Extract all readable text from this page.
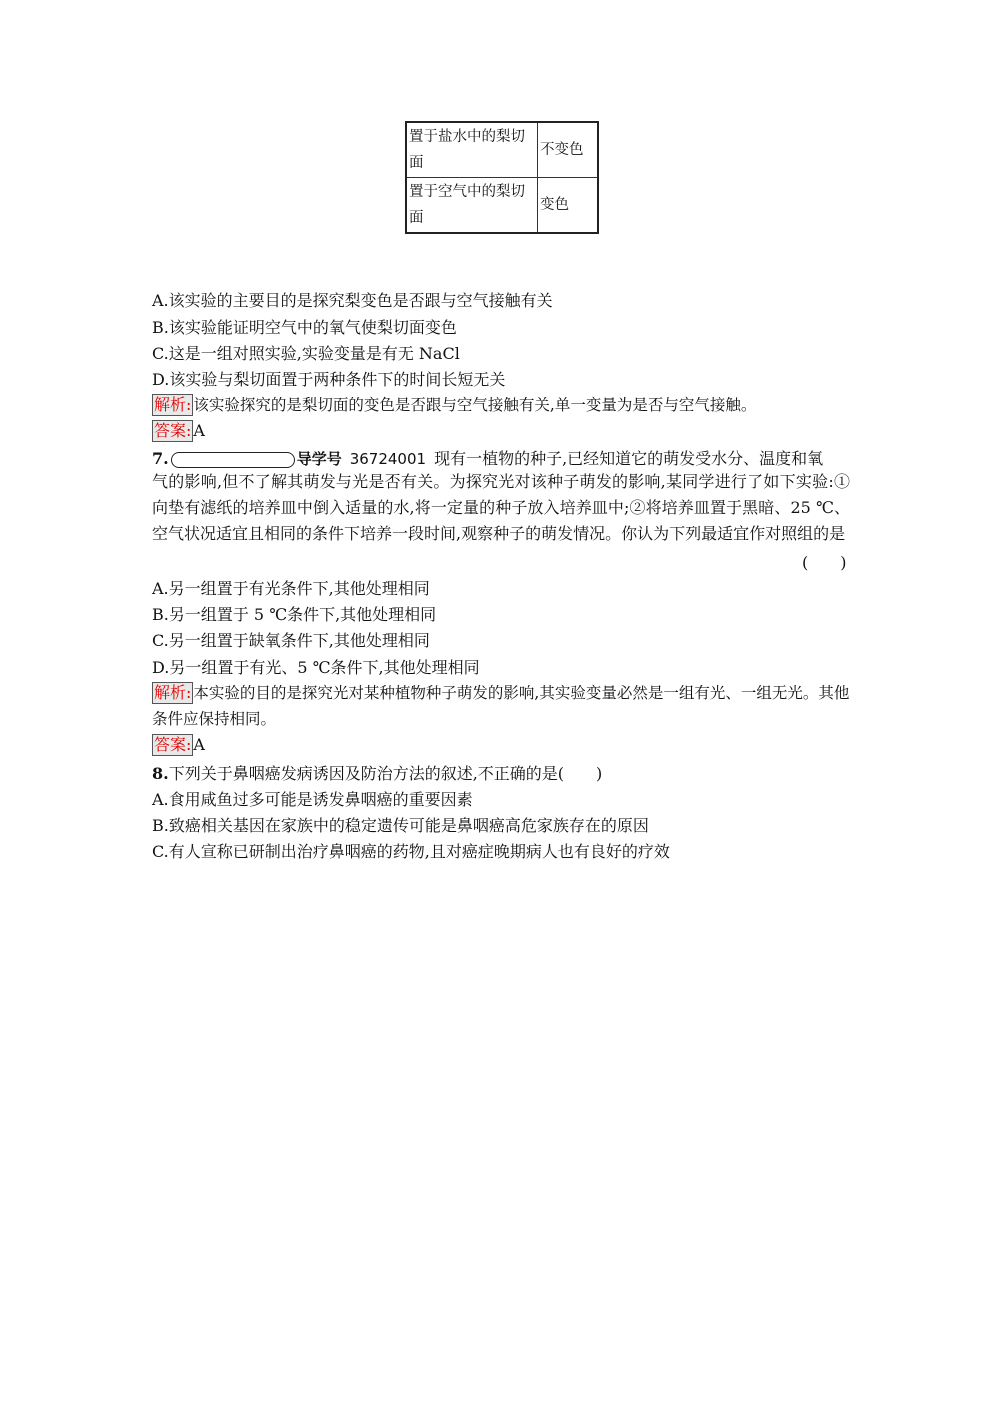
置于盐水中的梨切面	不变色
置于空气中的梨切面	变色
A.该实验的主要目的是探究梨变色是否跟与空气接触有关
B.该实验能证明空气中的氧气使梨切面变色
C.这是一组对照实验,实验变量是有无 NaCl
D.该实验与梨切面置于两种条件下的时间长短无关
解析: 该实验探究的是梨切面的变色是否跟与空气接触有关,单一变量为是否与空气接触。
答案: A
7.	导学号 36724001 现有一植物的种子,已经知道它的萌发受水分、温度和氧
气的影响,但不了解其萌发与光是否有关。为探究光对该种子萌发的影响,某同学进行了如下实验:①向垫有滤纸的培养皿中倒入适量的水,将一定量的种子放入培养皿中;②将培养皿置于黑暗、25 ℃、空气状况适宜且相同的条件下培养一段时间,观察种子的萌发情况。你认为下列最适宜作对照组的是
(　　)
A.另一组置于有光条件下,其他处理相同
B.另一组置于 5 ℃条件下,其他处理相同
C.另一组置于缺氧条件下,其他处理相同
D.另一组置于有光、5 ℃条件下,其他处理相同
解析: 本实验的目的是探究光对某种植物种子萌发的影响,其实验变量必然是一组有光、一组无光。其他条件应保持相同。
答案: A
8.下列关于鼻咽癌发病诱因及防治方法的叙述,不正确的是(　　)
A.食用咸鱼过多可能是诱发鼻咽癌的重要因素
B.致癌相关基因在家族中的稳定遗传可能是鼻咽癌高危家族存在的原因
C.有人宣称已研制出治疗鼻咽癌的药物,且对癌症晚期病人也有良好的疗效
